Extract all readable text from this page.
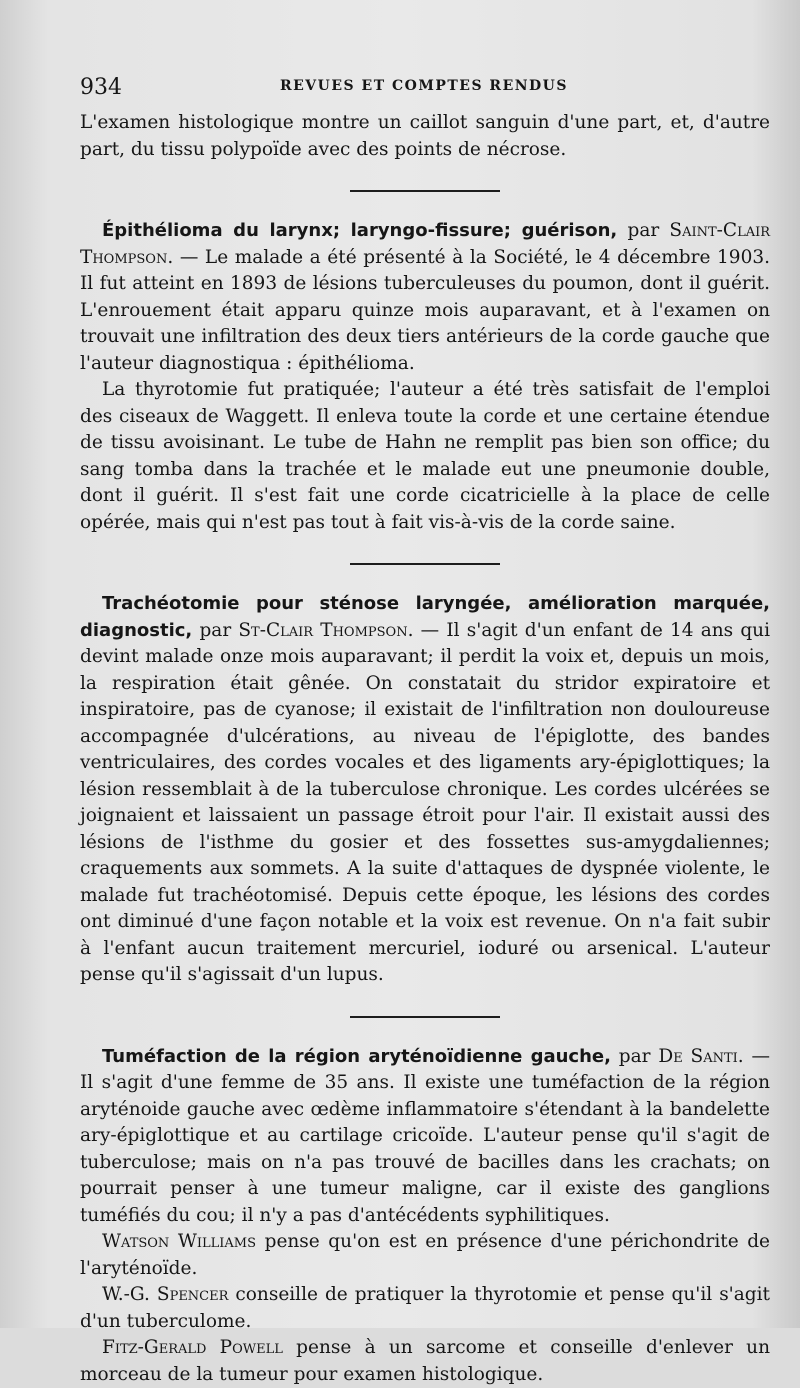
934	REVUES ET COMPTES RENDUS

L'examen histologique montre un caillot sanguin d'une part, et, d'autre part, du tissu polypoïde avec des points de nécrose.

Épithélioma du larynx; laryngo-fissure; guérison, par Saint-Clair Thompson. — Le malade a été présenté à la Société, le 4 décembre 1903. Il fut atteint en 1893 de lésions tuberculeuses du poumon, dont il guérit. L'enrouement était apparu quinze mois auparavant, et à l'examen on trouvait une infiltration des deux tiers antérieurs de la corde gauche que l'auteur diagnostiqua : épithélioma.

La thyrotomie fut pratiquée; l'auteur a été très satisfait de l'emploi des ciseaux de Waggett. Il enleva toute la corde et une certaine étendue de tissu avoisinant. Le tube de Hahn ne remplit pas bien son office; du sang tomba dans la trachée et le malade eut une pneumonie double, dont il guérit. Il s'est fait une corde cicatricielle à la place de celle opérée, mais qui n'est pas tout à fait vis-à-vis de la corde saine.

Trachéotomie pour sténose laryngée, amélioration marquée, diagnostic, par St-Clair Thompson. — Il s'agit d'un enfant de 14 ans qui devint malade onze mois auparavant; il perdit la voix et, depuis un mois, la respiration était gênée. On constatait du stridor expiratoire et inspiratoire, pas de cyanose; il existait de l'infiltration non douloureuse accompagnée d'ulcérations, au niveau de l'épiglotte, des bandes ventriculaires, des cordes vocales et des ligaments ary-épiglottiques; la lésion ressemblait à de la tuberculose chronique. Les cordes ulcérées se joignaient et laissaient un passage étroit pour l'air. Il existait aussi des lésions de l'isthme du gosier et des fossettes sus-amygdaliennes; craquements aux sommets. A la suite d'attaques de dyspnée violente, le malade fut trachéotomisé. Depuis cette époque, les lésions des cordes ont diminué d'une façon notable et la voix est revenue. On n'a fait subir à l'enfant aucun traitement mercuriel, ioduré ou arsenical. L'auteur pense qu'il s'agissait d'un lupus.

Tuméfaction de la région aryténoïdienne gauche, par De Santi. — Il s'agit d'une femme de 35 ans. Il existe une tuméfaction de la région aryténoide gauche avec œdème inflammatoire s'étendant à la bandelette ary-épiglottique et au cartilage cricoïde. L'auteur pense qu'il s'agit de tuberculose; mais on n'a pas trouvé de bacilles dans les crachats; on pourrait penser à une tumeur maligne, car il existe des ganglions tuméfiés du cou; il n'y a pas d'antécédents syphilitiques.

Watson Williams pense qu'on est en présence d'une périchondrite de l'aryténoïde.

W.-G. Spencer conseille de pratiquer la thyrotomie et pense qu'il s'agit d'un tuberculome.

Fitz-Gerald Powell pense à un sarcome et conseille d'enlever un morceau de la tumeur pour examen histologique.
